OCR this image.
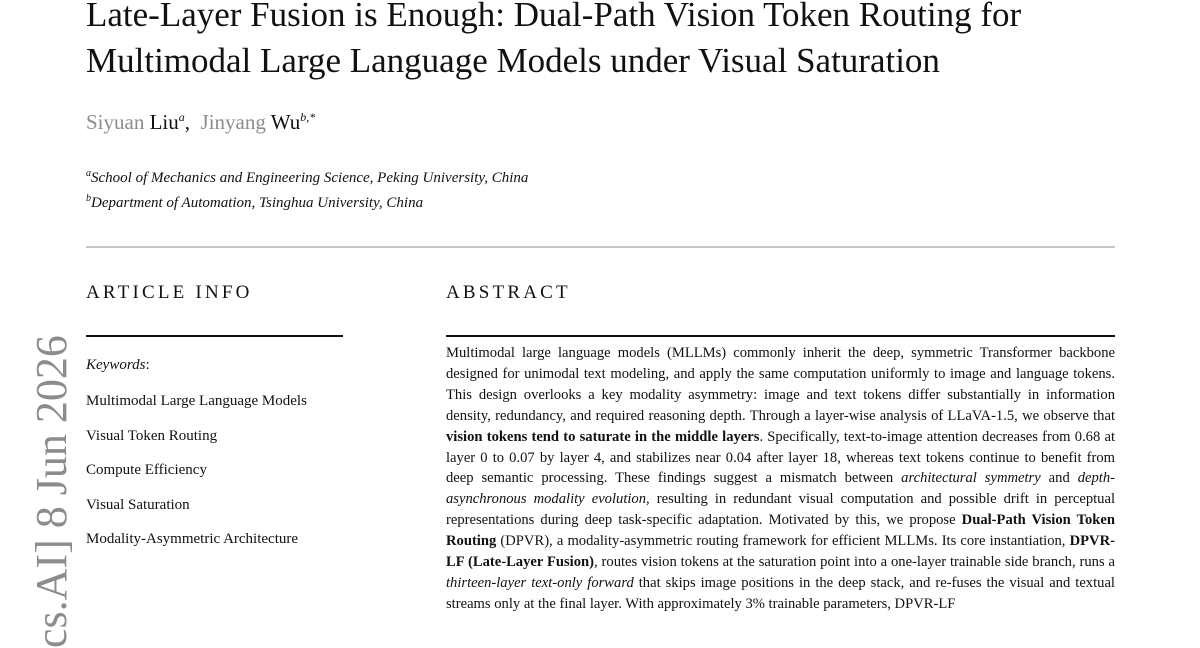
Late-Layer Fusion is Enough: Dual-Path Vision Token Routing for Multimodal Large Language Models under Visual Saturation
Siyuan Liu$^a$,  Jinyang $Wu^{b,*}$
$^a$School of Mechanics and Engineering Science, Peking University, China
$^b$Department of Automation, Tsinghua University, China
ARTICLE INFO	ABSTRACT
Keywords:
Multimodal Large Language Models
Visual Token Routing
Compute Efficiency
Visual Saturation
Modality-Asymmetric Architecture

Multimodal large language models (MLLMs) commonly inherit the deep, symmetric Transformer backbone designed for unimodal text modeling, and apply the same computation uniformly to image and language tokens. This design overlooks a key modality asymmetry: image and text tokens differ substantially in information density, redundancy, and required reasoning depth. Through a layer-wise analysis of LLaVA-1.5, we observe that vision tokens tend to saturate in the middle layers. Specifically, text-to-image attention decreases from 0.68 at layer 0 to 0.07 by layer 4, and stabilizes near 0.04 after layer 18, whereas text tokens continue to benefit from deep semantic processing. These findings suggest a mismatch between architectural symmetry and depth-asynchronous modality evolution, resulting in redundant visual computation and possible drift in perceptual representations during deep task-specific adaptation. Motivated by this, we propose Dual-Path Vision Token Routing (DPVR), a modality-asymmetric routing framework for efficient MLLMs. Its core instantiation, DPVR-LF (Late-Layer Fusion), routes vision tokens at the saturation point into a one-layer trainable side branch, runs a thirteen-layer text-only forward that skips image positions in the deep stack, and re-fuses the visual and textual streams only at the final layer. With approximately 3% trainable parameters, DPVR-LF

cs.AI] 8 Jun 2026
